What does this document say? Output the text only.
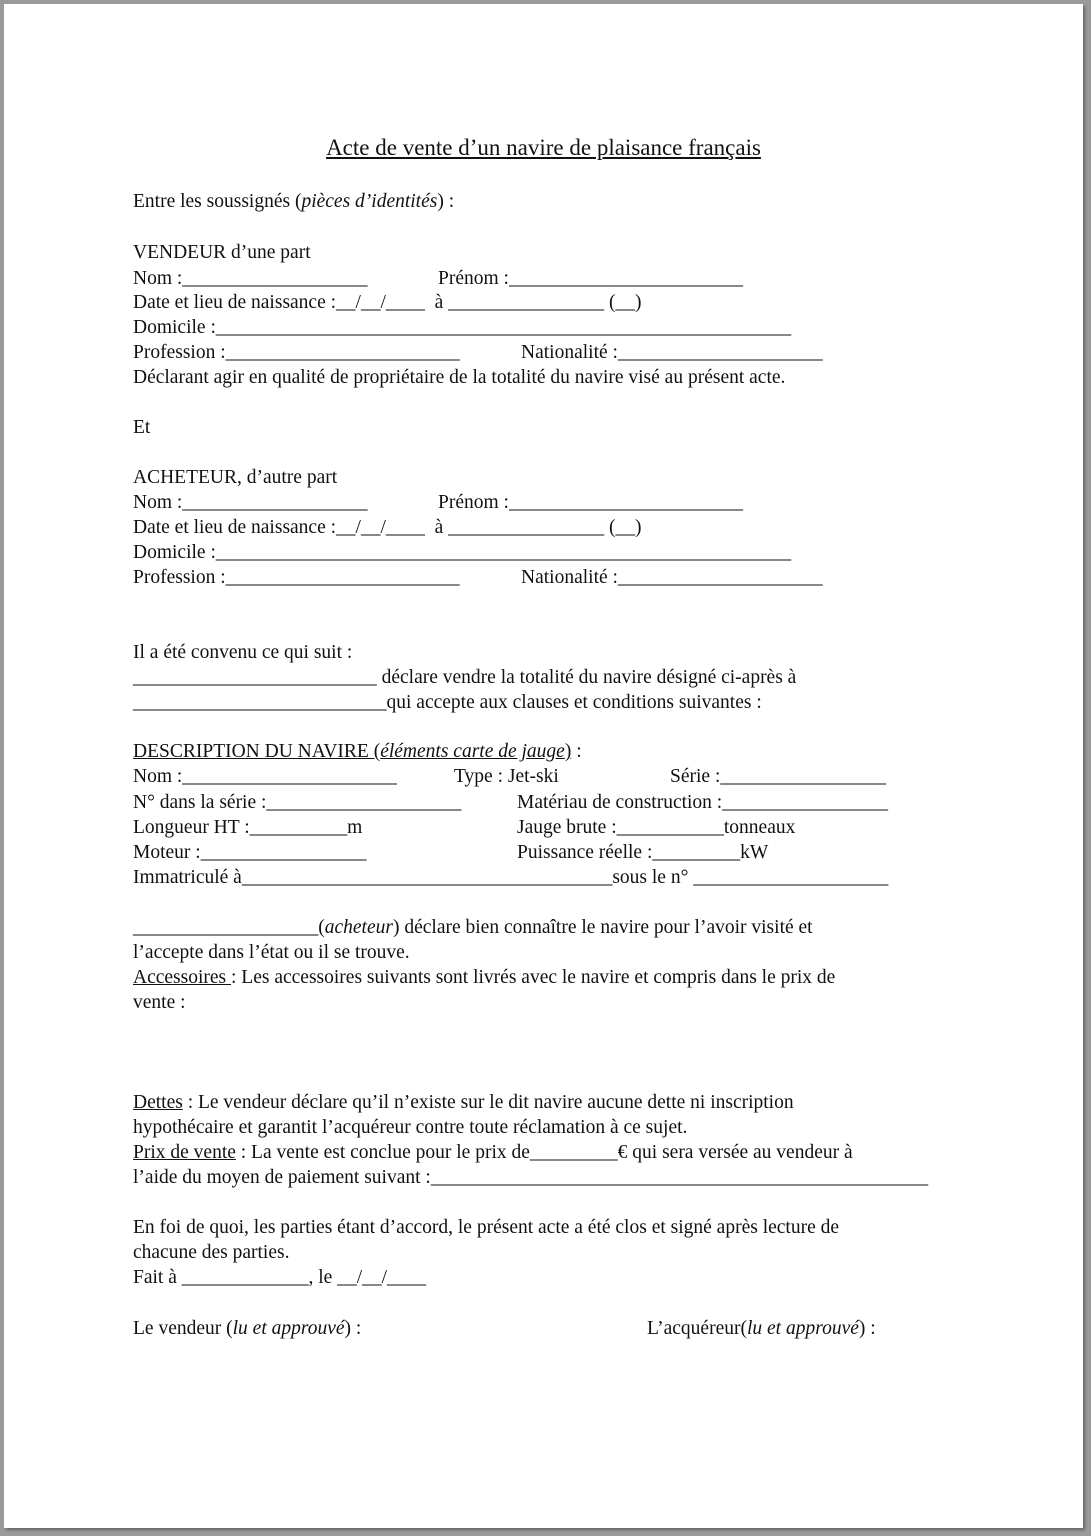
Acte de vente d’un navire de plaisance français
Entre les soussignés (pièces d’identités) :
VENDEUR d’une part
Nom :___________________	Prénom :________________________
Date et lieu de naissance :__/__/____  à ________________ (__)
Domicile :___________________________________________________________
Profession :________________________	Nationalité :_____________________
Déclarant agir en qualité de propriétaire de la totalité du navire visé au présent acte.
Et
ACHETEUR, d’autre part
Nom :___________________	Prénom :________________________
Date et lieu de naissance :__/__/____  à ________________ (__)
Domicile :___________________________________________________________
Profession :________________________	Nationalité :_____________________
Il a été convenu ce qui suit :
_________________________ déclare vendre la totalité du navire désigné ci-après à
__________________________qui accepte aux clauses et conditions suivantes :
DESCRIPTION DU NAVIRE (éléments carte de jauge) :
Nom :______________________	Type : Jet-ski	Série :_________________
N° dans la série :____________________	Matériau de construction :_________________
Longueur HT :__________m	Jauge brute :___________tonneaux
Moteur :_________________	Puissance réelle :_________kW
Immatriculé à______________________________________sous le n° ____________________
___________________(acheteur) déclare bien connaître le navire pour l’avoir visité et
l’accepte dans l’état ou il se trouve.
Accessoires : Les accessoires suivants sont livrés avec le navire et compris dans le prix de
vente :
Dettes : Le vendeur déclare qu’il n’existe sur le dit navire aucune dette ni inscription
hypothécaire et garantit l’acquéreur contre toute réclamation à ce sujet.
Prix de vente : La vente est conclue pour le prix de_________€ qui sera versée au vendeur à
l’aide du moyen de paiement suivant :___________________________________________________
En foi de quoi, les parties étant d’accord, le présent acte a été clos et signé après lecture de
chacune des parties.
Fait à _____________, le __/__/____
Le vendeur (lu et approuvé) :	L’acquéreur(lu et approuvé) :
